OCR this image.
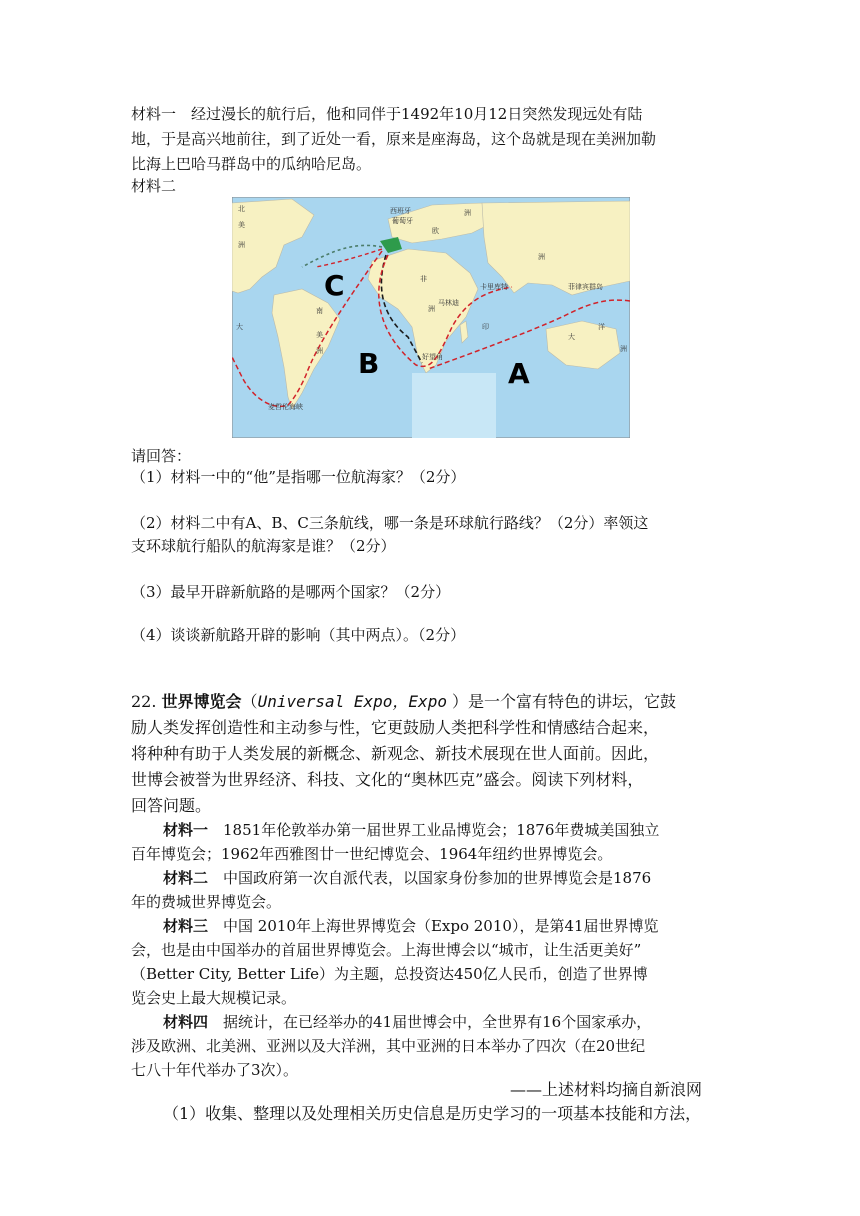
材料一　经过漫长的航行后，他和同伴于1492年10月12日突然发现远处有陆
地，于是高兴地前往，到了近处一看，原来是座海岛，这个岛就是现在美洲加勒
比海上巴哈马群岛中的瓜纳哈尼岛。
材料二
C
B	A
北
美
洲
南
美
洲
欧
洲
非
洲
洲
大
洋
洲
大	印
葡萄牙
西班牙
卡里库特
马林迪
好望角
菲律宾群岛
麦哲伦海峡
请回答：
（1）材料一中的“他”是指哪一位航海家？（2分）
（2）材料二中有A、B、C三条航线，哪一条是环球航行路线？（2分）率领这
支环球航行船队的航海家是谁？（2分）
（3）最早开辟新航路的是哪两个国家？（2分）
（4）谈谈新航路开辟的影响（其中两点）。（2分）
22. 世界博览会（Universal Expo，Expo ）是一个富有特色的讲坛，它鼓
励人类发挥创造性和主动参与性，它更鼓励人类把科学性和情感结合起来，
将种种有助于人类发展的新概念、新观念、新技术展现在世人面前。因此，
世博会被誉为世界经济、科技、文化的“奥林匹克”盛会。阅读下列材料，
回答问题。
材料一　1851年伦敦举办第一届世界工业品博览会；1876年费城美国独立
百年博览会；1962年西雅图廿一世纪博览会、1964年纽约世界博览会。
材料二　中国政府第一次自派代表，以国家身份参加的世界博览会是1876
年的费城世界博览会。
材料三　中国 2010年上海世界博览会（Expo 2010），是第41届世界博览
会，也是由中国举办的首届世界博览会。上海世博会以“城市，让生活更美好”
（Better City, Better Life）为主题，总投资达450亿人民币，创造了世界博
览会史上最大规模记录。
材料四　据统计，在已经举办的41届世博会中，全世界有16个国家承办，
涉及欧洲、北美洲、亚洲以及大洋洲，其中亚洲的日本举办了四次（在20世纪
七八十年代举办了3次）。
——上述材料均摘自新浪网
（1）收集、整理以及处理相关历史信息是历史学习的一项基本技能和方法，
